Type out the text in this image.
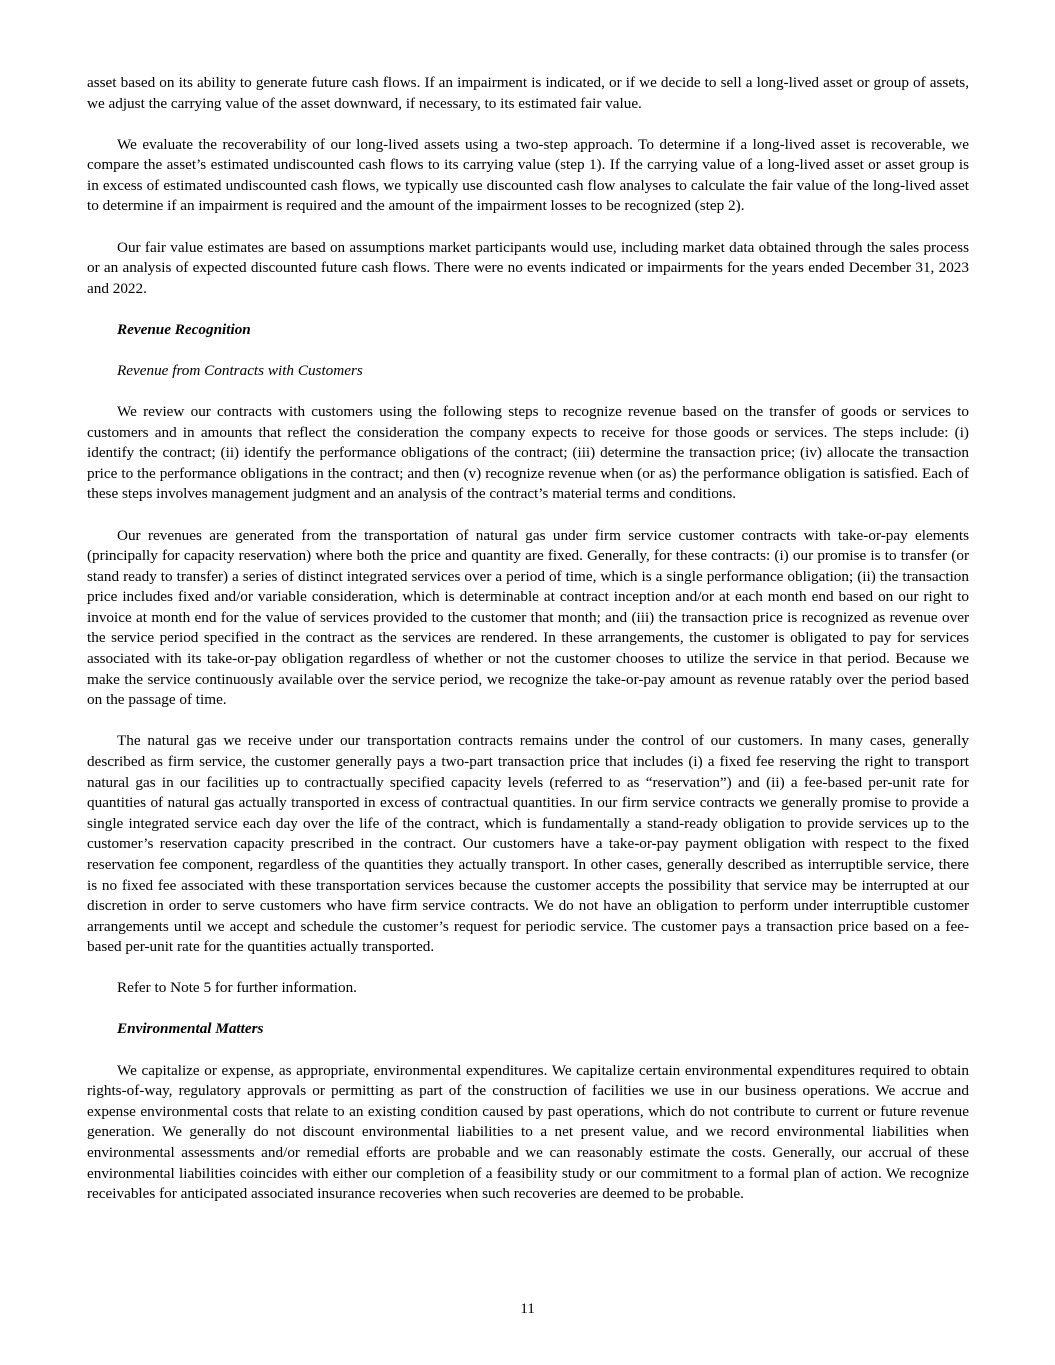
asset based on its ability to generate future cash flows. If an impairment is indicated, or if we decide to sell a long-lived asset or group of assets, we adjust the carrying value of the asset downward, if necessary, to its estimated fair value.

We evaluate the recoverability of our long-lived assets using a two-step approach. To determine if a long-lived asset is recoverable, we compare the asset’s estimated undiscounted cash flows to its carrying value (step 1). If the carrying value of a long-lived asset or asset group is in excess of estimated undiscounted cash flows, we typically use discounted cash flow analyses to calculate the fair value of the long-lived asset to determine if an impairment is required and the amount of the impairment losses to be recognized (step 2).

Our fair value estimates are based on assumptions market participants would use, including market data obtained through the sales process or an analysis of expected discounted future cash flows. There were no events indicated or impairments for the years ended December 31, 2023 and 2022.

Revenue Recognition

Revenue from Contracts with Customers

We review our contracts with customers using the following steps to recognize revenue based on the transfer of goods or services to customers and in amounts that reflect the consideration the company expects to receive for those goods or services. The steps include: (i) identify the contract; (ii) identify the performance obligations of the contract; (iii) determine the transaction price; (iv) allocate the transaction price to the performance obligations in the contract; and then (v) recognize revenue when (or as) the performance obligation is satisfied. Each of these steps involves management judgment and an analysis of the contract’s material terms and conditions.

Our revenues are generated from the transportation of natural gas under firm service customer contracts with take-or-pay elements (principally for capacity reservation) where both the price and quantity are fixed. Generally, for these contracts: (i) our promise is to transfer (or stand ready to transfer) a series of distinct integrated services over a period of time, which is a single performance obligation; (ii) the transaction price includes fixed and/or variable consideration, which is determinable at contract inception and/or at each month end based on our right to invoice at month end for the value of services provided to the customer that month; and (iii) the transaction price is recognized as revenue over the service period specified in the contract as the services are rendered. In these arrangements, the customer is obligated to pay for services associated with its take-or-pay obligation regardless of whether or not the customer chooses to utilize the service in that period. Because we make the service continuously available over the service period, we recognize the take-or-pay amount as revenue ratably over the period based on the passage of time.

The natural gas we receive under our transportation contracts remains under the control of our customers. In many cases, generally described as firm service, the customer generally pays a two-part transaction price that includes (i) a fixed fee reserving the right to transport natural gas in our facilities up to contractually specified capacity levels (referred to as “reservation”) and (ii) a fee-based per-unit rate for quantities of natural gas actually transported in excess of contractual quantities. In our firm service contracts we generally promise to provide a single integrated service each day over the life of the contract, which is fundamentally a stand-ready obligation to provide services up to the customer’s reservation capacity prescribed in the contract. Our customers have a take-or-pay payment obligation with respect to the fixed reservation fee component, regardless of the quantities they actually transport. In other cases, generally described as interruptible service, there is no fixed fee associated with these transportation services because the customer accepts the possibility that service may be interrupted at our discretion in order to serve customers who have firm service contracts. We do not have an obligation to perform under interruptible customer arrangements until we accept and schedule the customer’s request for periodic service. The customer pays a transaction price based on a fee-based per-unit rate for the quantities actually transported.

Refer to Note 5 for further information.

Environmental Matters

We capitalize or expense, as appropriate, environmental expenditures. We capitalize certain environmental expenditures required to obtain rights-of-way, regulatory approvals or permitting as part of the construction of facilities we use in our business operations. We accrue and expense environmental costs that relate to an existing condition caused by past operations, which do not contribute to current or future revenue generation. We generally do not discount environmental liabilities to a net present value, and we record environmental liabilities when environmental assessments and/or remedial efforts are probable and we can reasonably estimate the costs. Generally, our accrual of these environmental liabilities coincides with either our completion of a feasibility study or our commitment to a formal plan of action. We recognize receivables for anticipated associated insurance recoveries when such recoveries are deemed to be probable.

11
